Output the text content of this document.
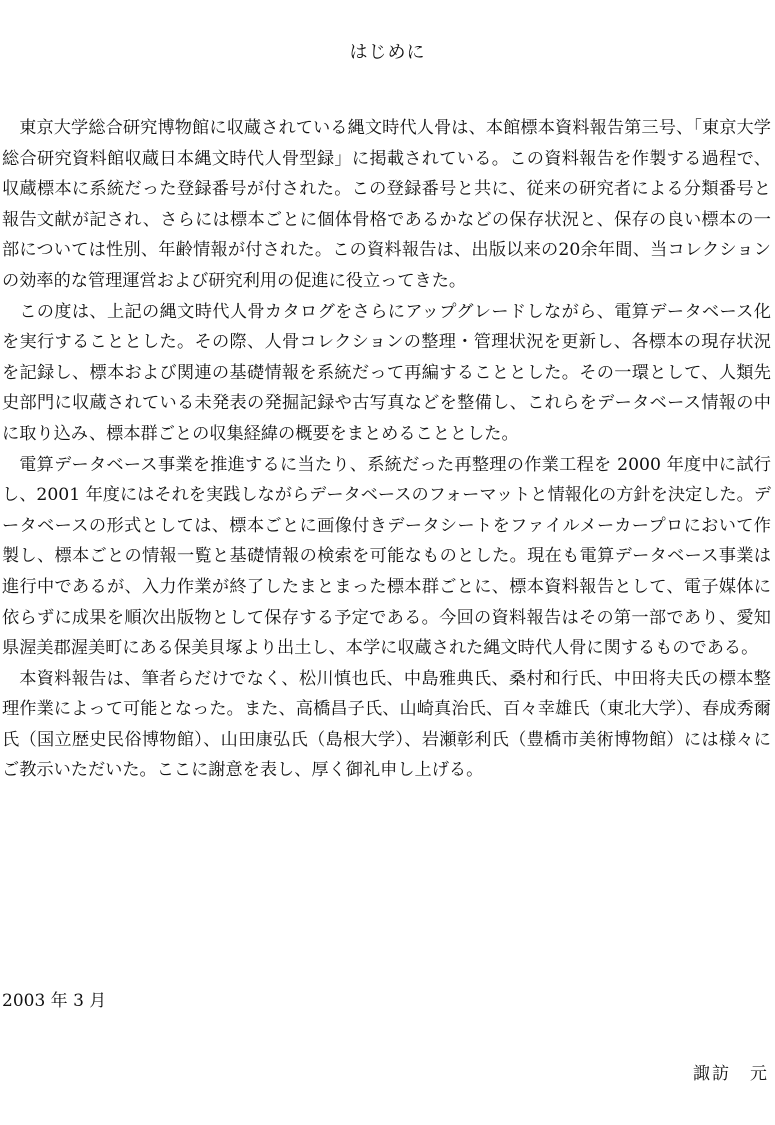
はじめに

東京大学総合研究博物館に収蔵されている縄文時代人骨は、本館標本資料報告第三号、「東京大学総合研究資料館収蔵日本縄文時代人骨型録」に掲載されている。この資料報告を作製する過程で、収蔵標本に系統だった登録番号が付された。この登録番号と共に、従来の研究者による分類番号と報告文献が記され、さらには標本ごとに個体骨格であるかなどの保存状況と、保存の良い標本の一部については性別、年齢情報が付された。この資料報告は、出版以来の20余年間、当コレクションの効率的な管理運営および研究利用の促進に役立ってきた。

この度は、上記の縄文時代人骨カタログをさらにアップグレードしながら、電算データベース化を実行することとした。その際、人骨コレクションの整理・管理状況を更新し、各標本の現存状況を記録し、標本および関連の基礎情報を系統だって再編することとした。その一環として、人類先史部門に収蔵されている未発表の発掘記録や古写真などを整備し、これらをデータベース情報の中に取り込み、標本群ごとの収集経緯の概要をまとめることとした。

電算データベース事業を推進するに当たり、系統だった再整理の作業工程を 2000 年度中に試行し、2001 年度にはそれを実践しながらデータベースのフォーマットと情報化の方針を決定した。データベースの形式としては、標本ごとに画像付きデータシートをファイルメーカープロにおいて作製し、標本ごとの情報一覧と基礎情報の検索を可能なものとした。現在も電算データベース事業は進行中であるが、入力作業が終了したまとまった標本群ごとに、標本資料報告として、電子媒体に依らずに成果を順次出版物として保存する予定である。今回の資料報告はその第一部であり、愛知県渥美郡渥美町にある保美貝塚より出土し、本学に収蔵された縄文時代人骨に関するものである。

本資料報告は、筆者らだけでなく、松川慎也氏、中島雅典氏、桑村和行氏、中田将夫氏の標本整理作業によって可能となった。また、高橋昌子氏、山崎真治氏、百々幸雄氏（東北大学）、春成秀爾氏（国立歴史民俗博物館）、山田康弘氏（島根大学）、岩瀬彰利氏（豊橋市美術博物館）には様々にご教示いただいた。ここに謝意を表し、厚く御礼申し上げる。

2003 年 3 月
諏訪　元
